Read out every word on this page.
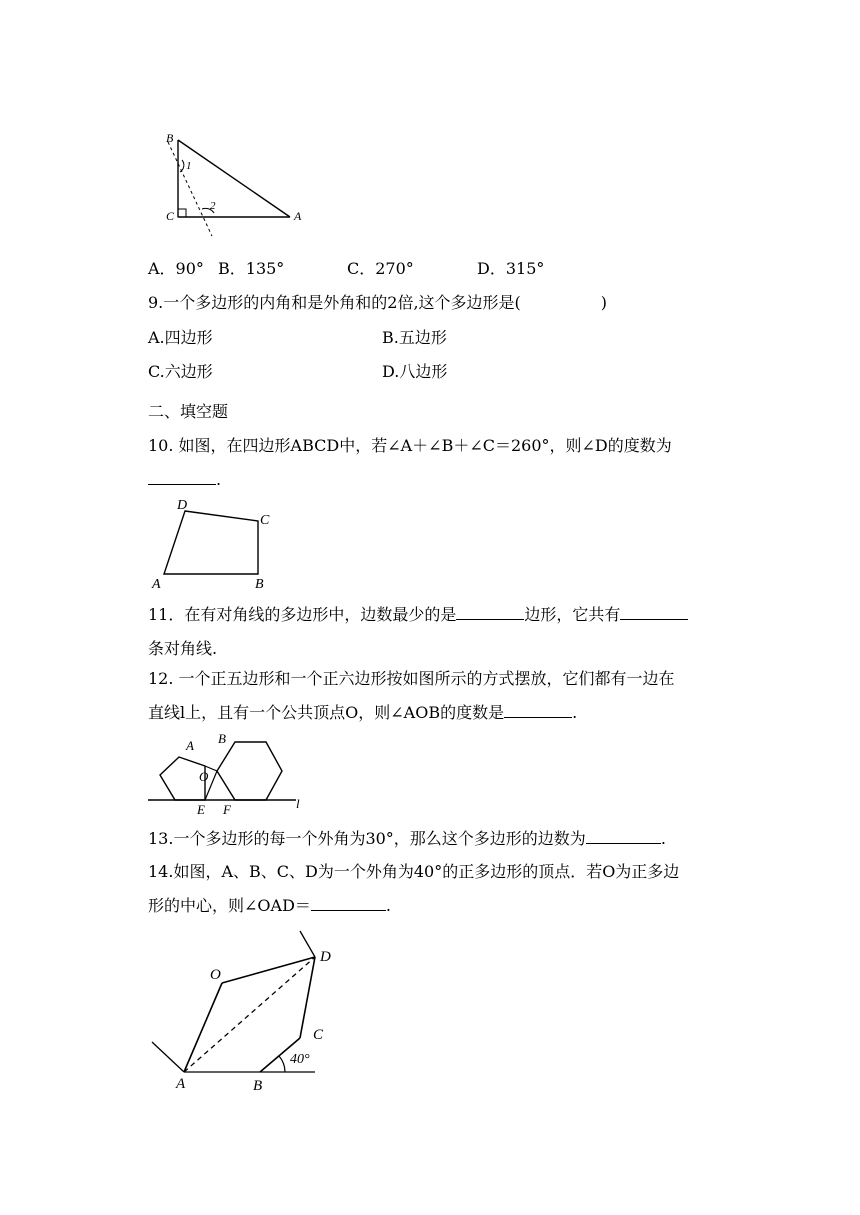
B
C	A
1
2
A．90° B．135°	C．270°	D．315°
9.一个多边形的内角和是外角和的2倍,这个多边形是(　　　　　)
A.四边形	B.五边形
C.六边形	D.八边形
二、填空题
10. 如图，在四边形ABCD中，若∠A＋∠B＋∠C＝260°，则∠D的度数为
.
D
C
A	B
11．在有对角线的多边形中，边数最少的是	边形，它共有
条对角线.
12. 一个正五边形和一个正六边形按如图所示的方式摆放，它们都有一边在
直线l上，且有一个公共顶点O，则∠AOB的度数是	.
A B
O
E F	l
13.一个多边形的每一个外角为30°，那么这个多边形的边数为	.
14.如图，A、B、C、D为一个外角为40°的正多边形的顶点．若O为正多边
形的中心，则∠OAD＝	.
O
D
C
A	B
40°
